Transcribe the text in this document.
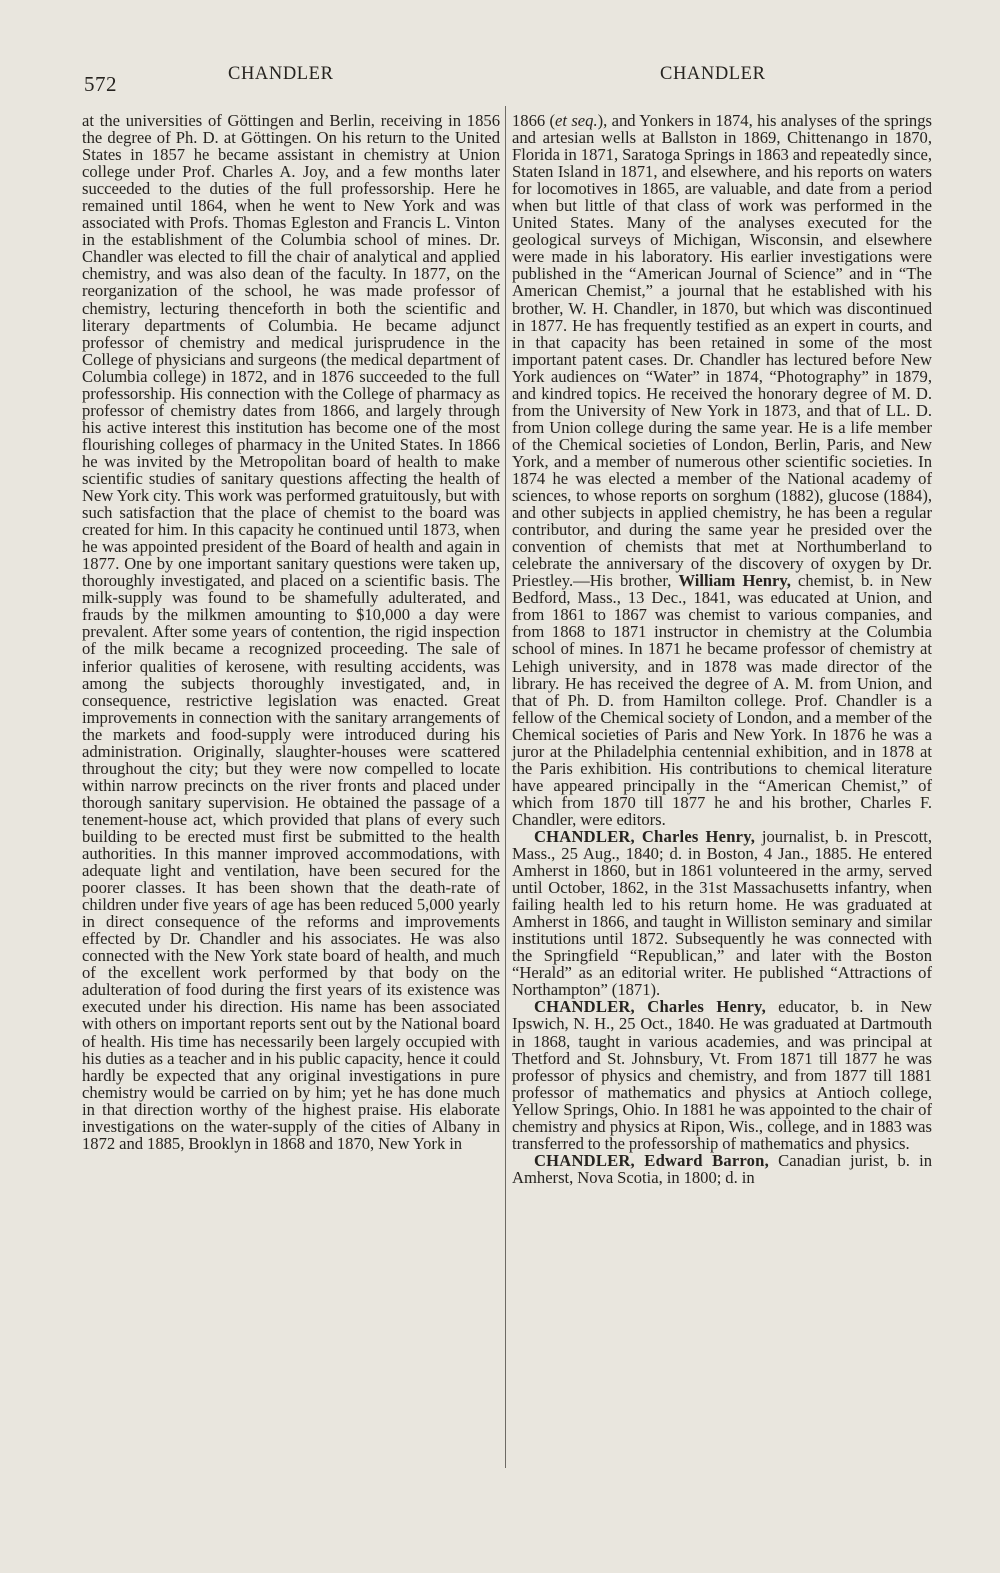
572	CHANDLER	CHANDLER

at the universities of Göttingen and Berlin, receiving in 1856 the degree of Ph. D. at Göttingen. On his return to the United States in 1857 he became assistant in chemistry at Union college under Prof. Charles A. Joy, and a few months later succeeded to the duties of the full professorship. Here he remained until 1864, when he went to New York and was associated with Profs. Thomas Egleston and Francis L. Vinton in the establishment of the Columbia school of mines. Dr. Chandler was elected to fill the chair of analytical and applied chemistry, and was also dean of the faculty. In 1877, on the reorganization of the school, he was made professor of chemistry, lecturing thenceforth in both the scientific and literary departments of Columbia. He became adjunct professor of chemistry and medical jurisprudence in the College of physicians and surgeons (the medical department of Columbia college) in 1872, and in 1876 succeeded to the full professorship. His connection with the College of pharmacy as professor of chemistry dates from 1866, and largely through his active interest this institution has become one of the most flourishing colleges of pharmacy in the United States. In 1866 he was invited by the Metropolitan board of health to make scientific studies of sanitary questions affecting the health of New York city. This work was performed gratuitously, but with such satisfaction that the place of chemist to the board was created for him. In this capacity he continued until 1873, when he was appointed president of the Board of health and again in 1877. One by one important sanitary questions were taken up, thoroughly investigated, and placed on a scientific basis. The milk-supply was found to be shamefully adulterated, and frauds by the milkmen amounting to $10,000 a day were prevalent. After some years of contention, the rigid inspection of the milk became a recognized proceeding. The sale of inferior qualities of kerosene, with resulting accidents, was among the subjects thoroughly investigated, and, in consequence, restrictive legislation was enacted. Great improvements in connection with the sanitary arrangements of the markets and food-supply were introduced during his administration. Originally, slaughter-houses were scattered throughout the city; but they were now compelled to locate within narrow precincts on the river fronts and placed under thorough sanitary supervision. He obtained the passage of a tenement-house act, which provided that plans of every such building to be erected must first be submitted to the health authorities. In this manner improved accommodations, with adequate light and ventilation, have been secured for the poorer classes. It has been shown that the death-rate of children under five years of age has been reduced 5,000 yearly in direct consequence of the reforms and improvements effected by Dr. Chandler and his associates. He was also connected with the New York state board of health, and much of the excellent work performed by that body on the adulteration of food during the first years of its existence was executed under his direction. His name has been associated with others on important reports sent out by the National board of health. His time has necessarily been largely occupied with his duties as a teacher and in his public capacity, hence it could hardly be expected that any original investigations in pure chemistry would be carried on by him; yet he has done much in that direction worthy of the highest praise. His elaborate investigations on the water-supply of the cities of Albany in 1872 and 1885, Brooklyn in 1868 and 1870, New York in

1866 (et seq.), and Yonkers in 1874, his analyses of the springs and artesian wells at Ballston in 1869, Chittenango in 1870, Florida in 1871, Saratoga Springs in 1863 and repeatedly since, Staten Island in 1871, and elsewhere, and his reports on waters for locomotives in 1865, are valuable, and date from a period when but little of that class of work was performed in the United States. Many of the analyses executed for the geological surveys of Michigan, Wisconsin, and elsewhere were made in his laboratory. His earlier investigations were published in the “American Journal of Science” and in “The American Chemist,” a journal that he established with his brother, W. H. Chandler, in 1870, but which was discontinued in 1877. He has frequently testified as an expert in courts, and in that capacity has been retained in some of the most important patent cases. Dr. Chandler has lectured before New York audiences on “Water” in 1874, “Photography” in 1879, and kindred topics. He received the honorary degree of M. D. from the University of New York in 1873, and that of LL. D. from Union college during the same year. He is a life member of the Chemical societies of London, Berlin, Paris, and New York, and a member of numerous other scientific societies. In 1874 he was elected a member of the National academy of sciences, to whose reports on sorghum (1882), glucose (1884), and other subjects in applied chemistry, he has been a regular contributor, and during the same year he presided over the convention of chemists that met at Northumberland to celebrate the anniversary of the discovery of oxygen by Dr. Priestley.—His brother, William Henry, chemist, b. in New Bedford, Mass., 13 Dec., 1841, was educated at Union, and from 1861 to 1867 was chemist to various companies, and from 1868 to 1871 instructor in chemistry at the Columbia school of mines. In 1871 he became professor of chemistry at Lehigh university, and in 1878 was made director of the library. He has received the degree of A. M. from Union, and that of Ph. D. from Hamilton college. Prof. Chandler is a fellow of the Chemical society of London, and a member of the Chemical societies of Paris and New York. In 1876 he was a juror at the Philadelphia centennial exhibition, and in 1878 at the Paris exhibition. His contributions to chemical literature have appeared principally in the “American Chemist,” of which from 1870 till 1877 he and his brother, Charles F. Chandler, were editors.

CHANDLER, Charles Henry, journalist, b. in Prescott, Mass., 25 Aug., 1840; d. in Boston, 4 Jan., 1885. He entered Amherst in 1860, but in 1861 volunteered in the army, served until October, 1862, in the 31st Massachusetts infantry, when failing health led to his return home. He was graduated at Amherst in 1866, and taught in Williston seminary and similar institutions until 1872. Subsequently he was connected with the Springfield “Republican,” and later with the Boston “Herald” as an editorial writer. He published “Attractions of Northampton” (1871).

CHANDLER, Charles Henry, educator, b. in New Ipswich, N. H., 25 Oct., 1840. He was graduated at Dartmouth in 1868, taught in various academies, and was principal at Thetford and St. Johnsbury, Vt. From 1871 till 1877 he was professor of physics and chemistry, and from 1877 till 1881 professor of mathematics and physics at Antioch college, Yellow Springs, Ohio. In 1881 he was appointed to the chair of chemistry and physics at Ripon, Wis., college, and in 1883 was transferred to the professorship of mathematics and physics.

CHANDLER, Edward Barron, Canadian jurist, b. in Amherst, Nova Scotia, in 1800; d. in
